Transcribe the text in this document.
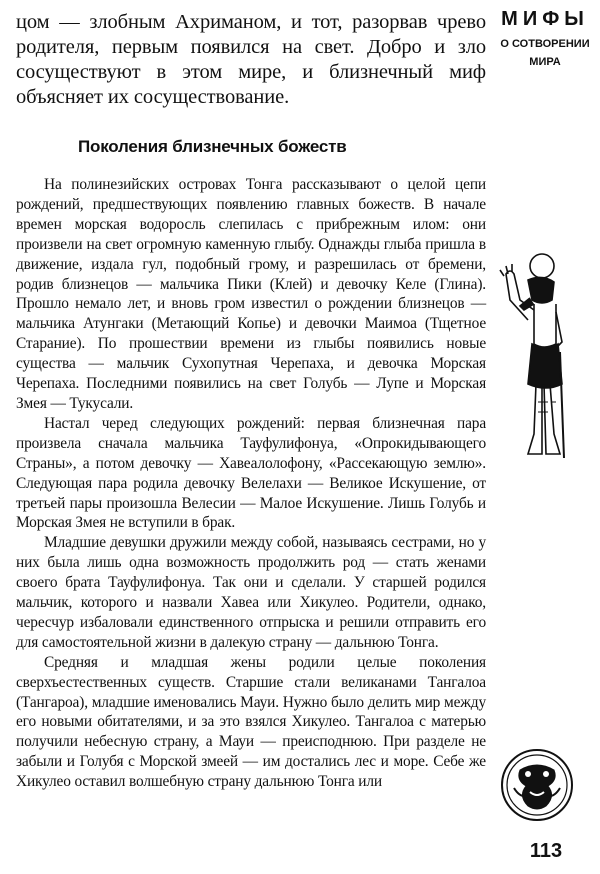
цом — злобным Ахриманом, и тот, разорвав чрево родителя, первым появился на свет. Добро и зло сосуществуют в этом мире, и близнечный миф объясняет их сосуществование.

Поколения близнечных божеств

На полинезийских островах Тонга рассказывают о целой цепи рождений, предшествующих появлению главных божеств. В начале времен морская водоросль слепилась с прибрежным илом: они произвели на свет огромную каменную глыбу. Однажды глыба пришла в движение, издала гул, подобный грому, и разрешилась от бремени, родив близнецов — мальчика Пики (Клей) и девочку Келе (Глина). Прошло немало лет, и вновь гром известил о рождении близнецов — мальчика Атунгаки (Метающий Копье) и девочки Маимоа (Тщетное Старание). По прошествии времени из глыбы появились новые существа — мальчик Сухопутная Черепаха, и девочка Морская Черепаха. Последними появились на свет Голубь — Лупе и Морская Змея — Тукусали.

Настал черед следующих рождений: первая близнечная пара произвела сначала мальчика Тауфулифонуа, «Опрокидывающего Страны», а потом девочку — Хавеалолофону, «Рассекающую землю». Следующая пара родила девочку Велелахи — Великое Искушение, от третьей пары произошла Велесии — Малое Искушение. Лишь Голубь и Морская Змея не вступили в брак.

Младшие девушки дружили между собой, называясь сестрами, но у них была лишь одна возможность продолжить род — стать женами своего брата Тауфулифонуа. Так они и сделали. У старшей родился мальчик, которого и назвали Хавеа или Хикулео. Родители, однако, чересчур избаловали единственного отпрыска и решили отправить его для самостоятельной жизни в далекую страну — дальнюю Тонга.

Средняя и младшая жены родили целые поколения сверхъестественных существ. Старшие стали великанами Тангалоа (Тангароа), младшие именовались Мауи. Нужно было делить мир между его новыми обитателями, и за это взялся Хикулео. Тангалоа с матерью получили небесную страну, а Мауи — преисподнюю. При разделе не забыли и Голубя с Морской змеей — им достались лес и море. Себе же Хикулео оставил волшебную страну дальнюю Тонга или

МИФЫ
О СОТВОРЕНИИ
МИРА
113
